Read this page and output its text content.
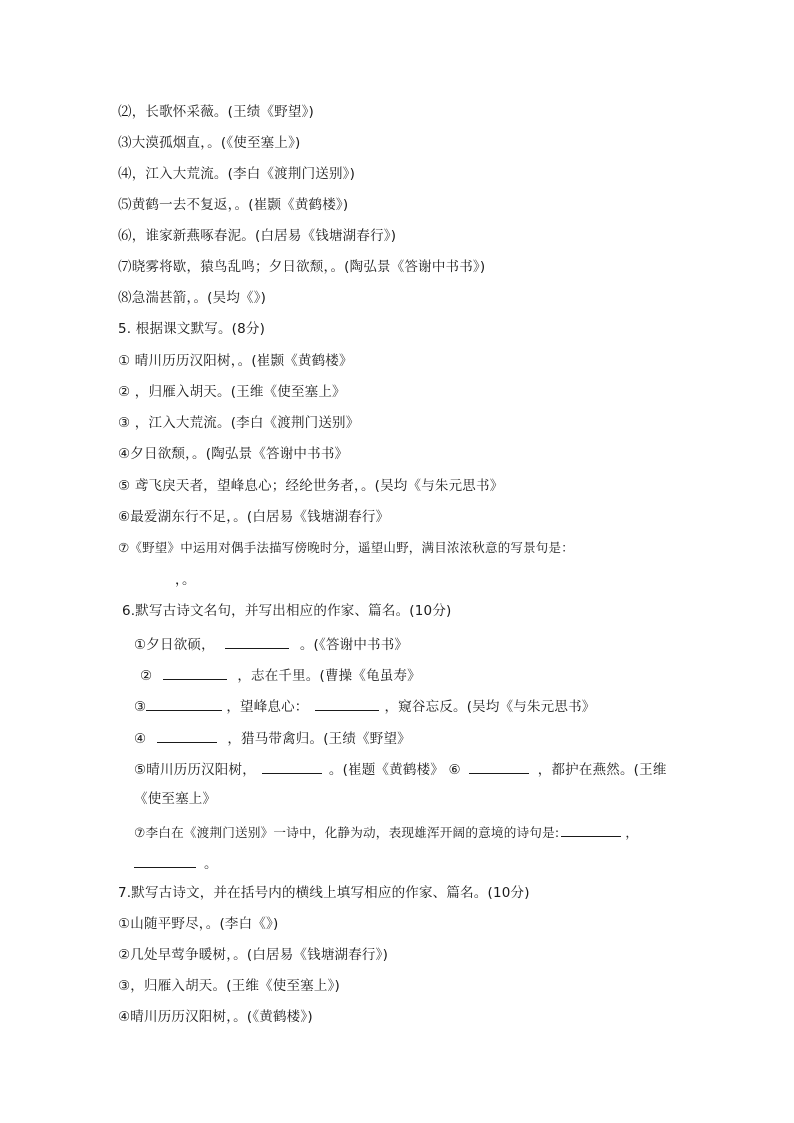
⑵，长歌怀采薇。(王绩《野望》)
⑶大漠孤烟直，。(《使至塞上》)
⑷，江入大荒流。(李白《渡荆门送别》)
⑸黄鹤一去不复返，。(崔颢《黄鹤楼》)
⑹，谁家新燕啄春泥。(白居易《钱塘湖春行》)
⑺晓雾将歇，猿鸟乱鸣；夕日欲颓，。(陶弘景《答谢中书书》)
⑻急湍甚箭，。(吴均《》)
5. 根据课文默写。(8分)
① 晴川历历汉阳树，。(崔颢《黄鹤楼》
② ，归雁入胡天。(王维《使至塞上》
③ ，江入大荒流。(李白《渡荆门送别》
④夕日欲颓，。(陶弘景《答谢中书书》
⑤ 鸢飞戾天者，望峰息心；经纶世务者，。(吴均《与朱元思书》
⑥最爱湖东行不足，。(白居易《钱塘湖春行》
⑦《野望》中运用对偶手法描写傍晚时分，遥望山野，满目浓浓秋意的写景句是：
，。
6.默写古诗文名句，并写出相应的作家、篇名。(10分)
①夕日欲硕，	。(《答谢中书书》
②	，志在千里。(曹操《龟虽寿》
③	，望峰息心：	，窥谷忘反。(吴均《与朱元思书》
④	，猎马带禽归。(王绩《野望》
⑤晴川历历汉阳树，	。(崔题《黄鹤楼》 ⑥	，都护在燕然。(王维
《使至塞上》
⑦李白在《渡荆门送别》一诗中，化静为动，表现雄浑开阔的意境的诗句是:	，
。
7.默写古诗文，并在括号内的横线上填写相应的作家、篇名。(10分)
①山随平野尽，。(李白《》)
②几处早莺争暖树，。(白居易《钱塘湖春行》)
③，归雁入胡天。(王维《使至塞上》)
④晴川历历汉阳树，。(《黄鹤楼》)
